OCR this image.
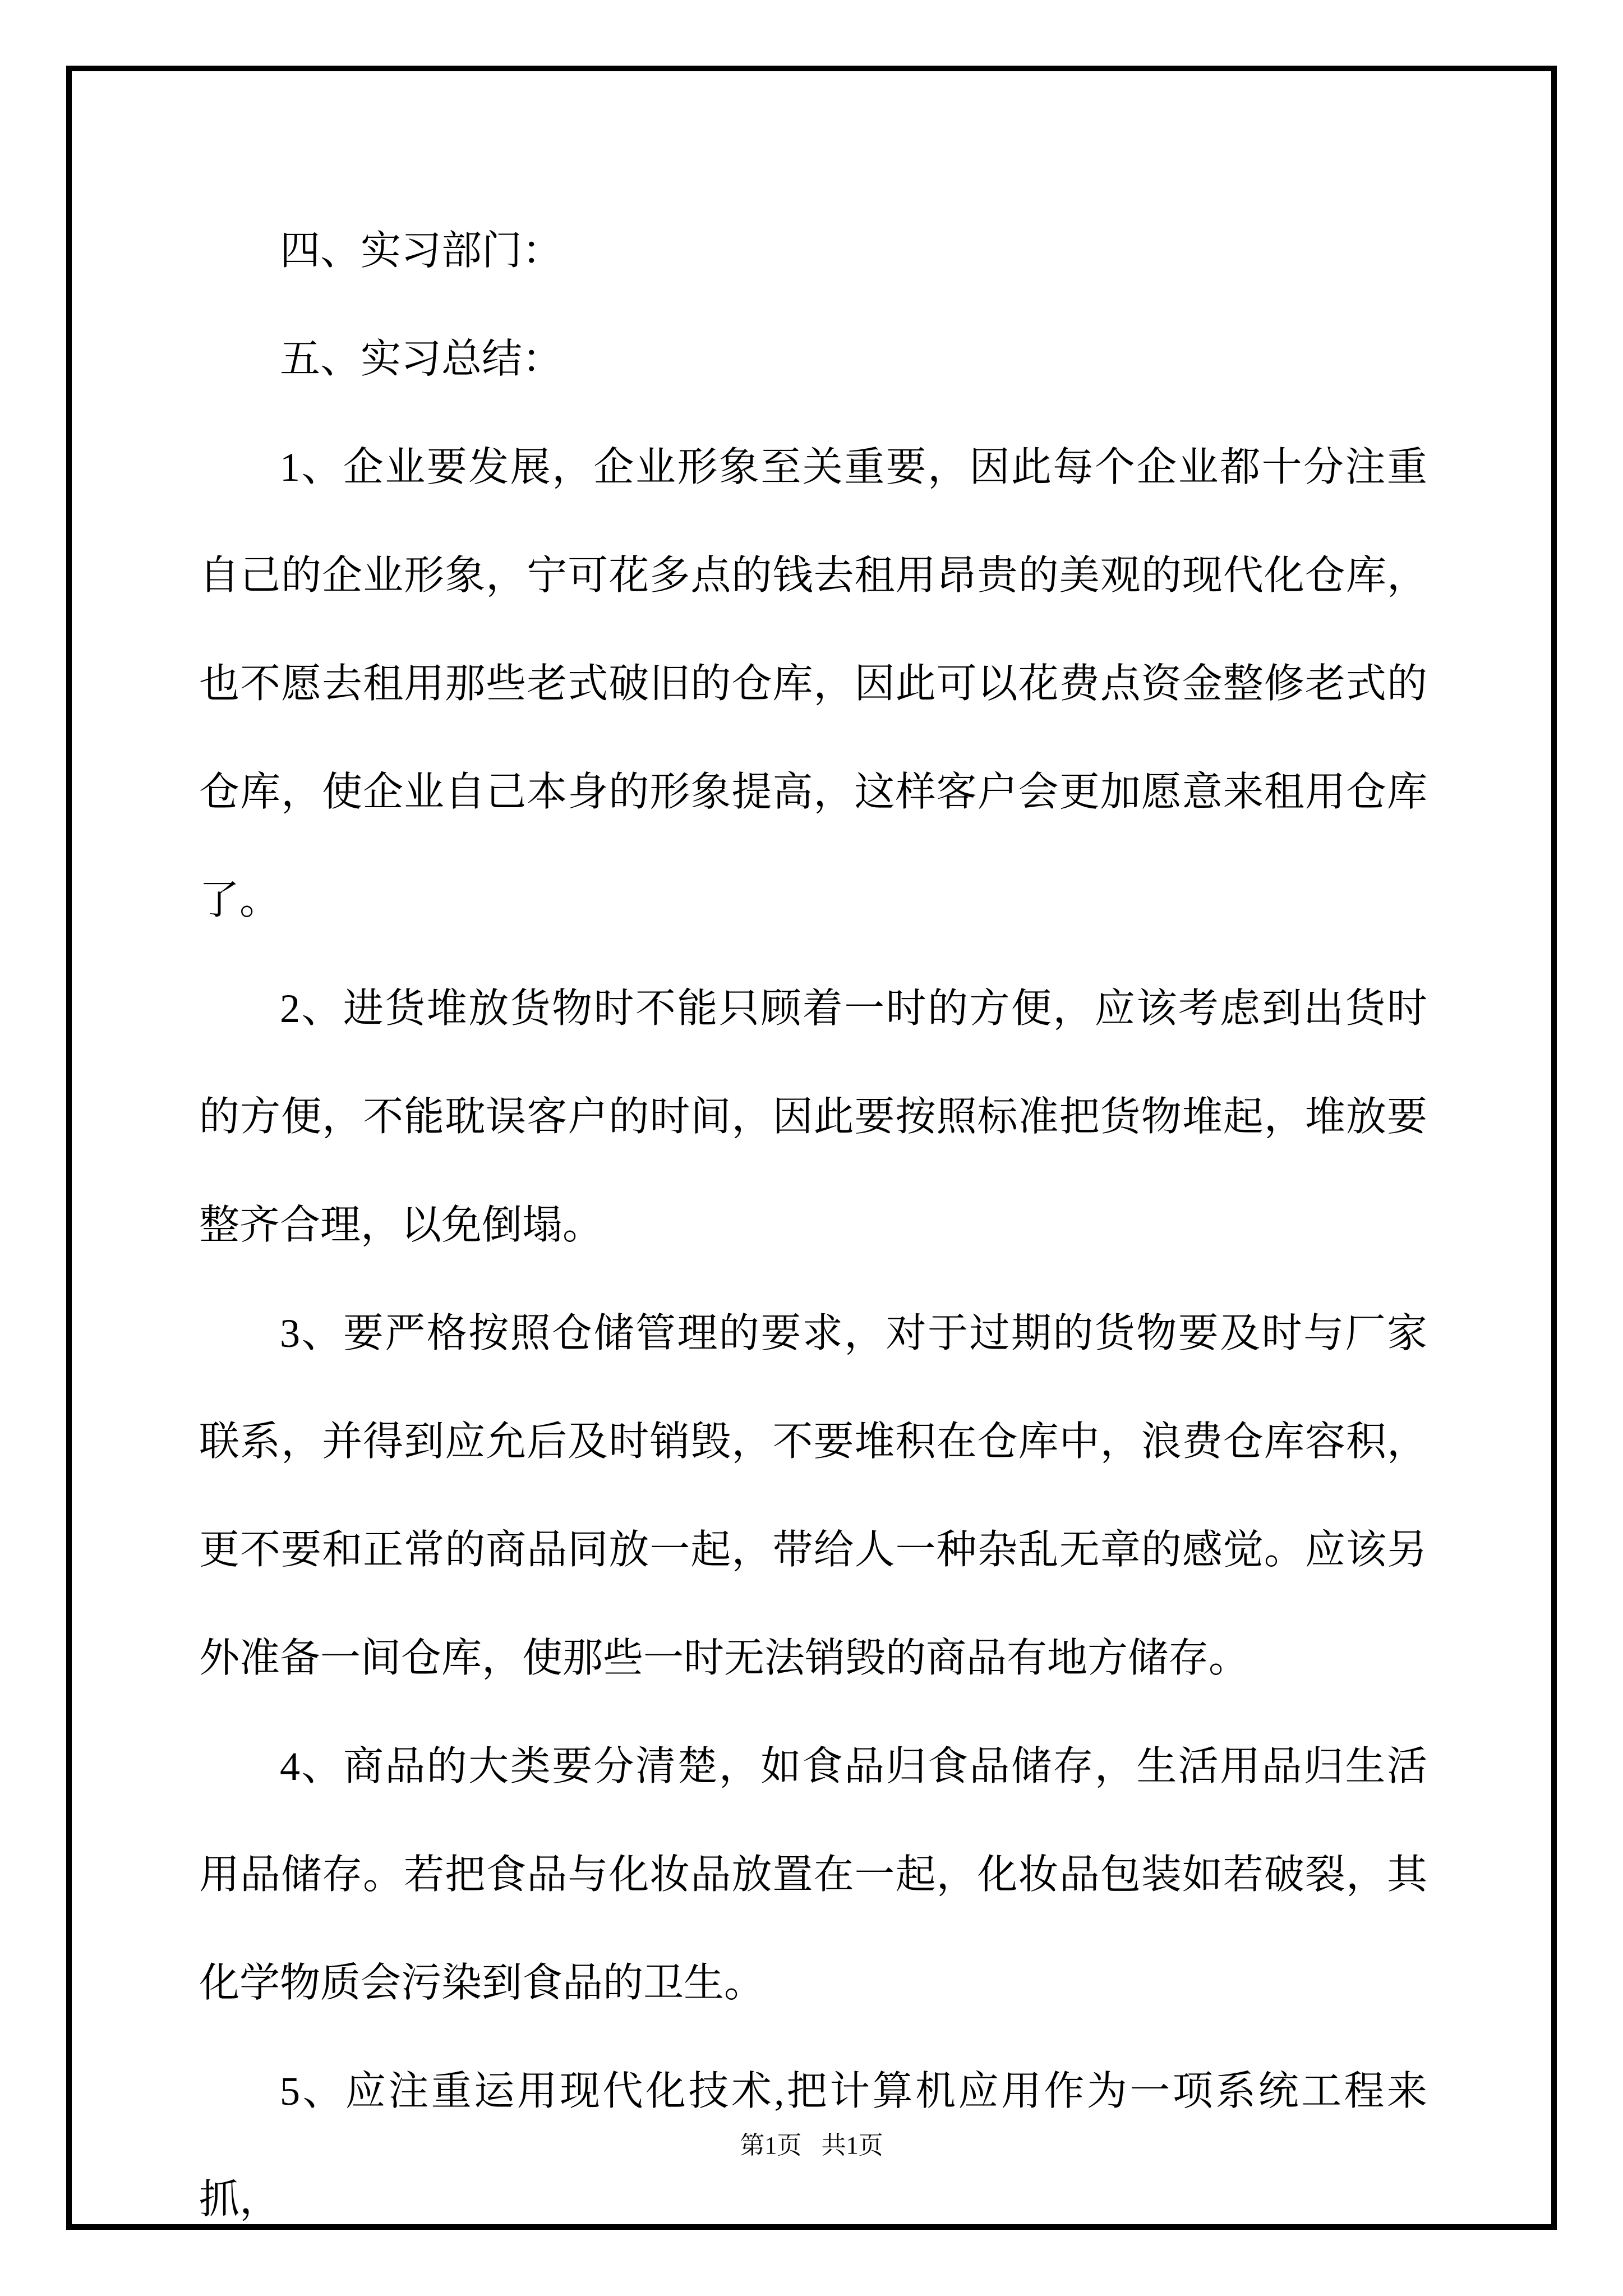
四、实习部门：

五、实习总结：

1、企业要发展，企业形象至关重要，因此每个企业都十分注重自己的企业形象，宁可花多点的钱去租用昂贵的美观的现代化仓库，也不愿去租用那些老式破旧的仓库，因此可以花费点资金整修老式的仓库，使企业自己本身的形象提高，这样客户会更加愿意来租用仓库了。

2、进货堆放货物时不能只顾着一时的方便，应该考虑到出货时的方便，不能耽误客户的时间，因此要按照标准把货物堆起，堆放要整齐合理，以免倒塌。

3、要严格按照仓储管理的要求，对于过期的货物要及时与厂家联系，并得到应允后及时销毁，不要堆积在仓库中，浪费仓库容积，更不要和正常的商品同放一起，带给人一种杂乱无章的感觉。应该另外准备一间仓库，使那些一时无法销毁的商品有地方储存。

4、商品的大类要分清楚，如食品归食品储存，生活用品归生活用品储存。若把食品与化妆品放置在一起，化妆品包装如若破裂，其化学物质会污染到食品的卫生。

5、应注重运用现代化技术,把计算机应用作为一项系统工程来抓，

第1页 共1页
